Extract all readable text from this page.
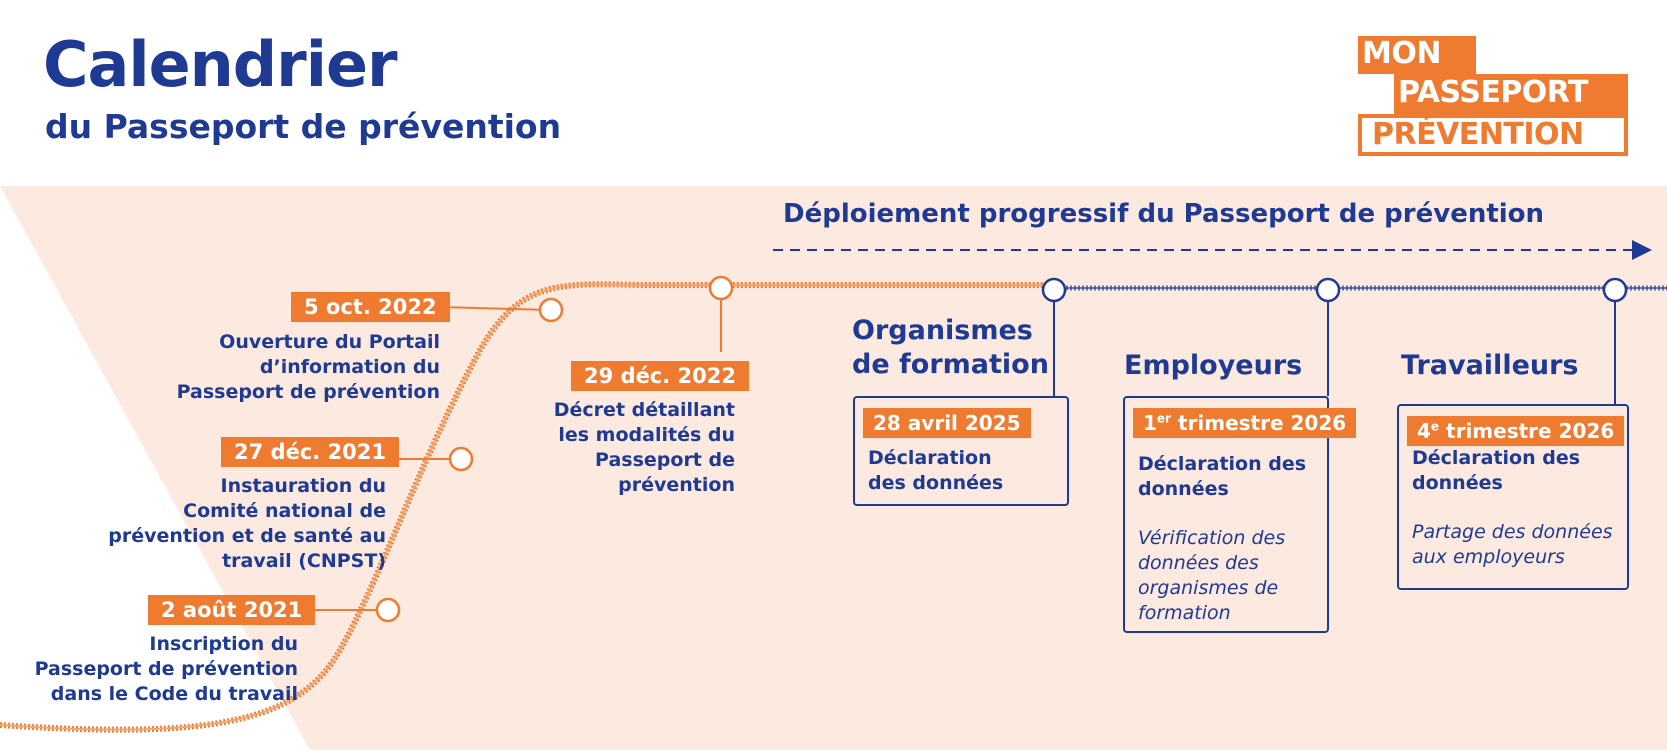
Calendrier
du Passeport de prévention
MON
PASSEPORT
PRÉVENTION
Déploiement progressif du Passeport de prévention
2 août 2021
Inscription du
Passeport de prévention
dans le Code du travail
27 déc. 2021
Instauration du
Comité national de
prévention et de santé au
travail (CNPST)
5 oct. 2022
Ouverture du Portail
d’information du
Passeport de prévention
29 déc. 2022
Décret détaillant
les modalités du
Passeport de
prévention
Organismes
de formation
28 avril 2025
Déclaration
des données
Employeurs
1er trimestre 2026
Déclaration des
données
Vérification des
données des
organismes de
formation
Travailleurs
4e trimestre 2026
Déclaration des
données
Partage des données
aux employeurs
